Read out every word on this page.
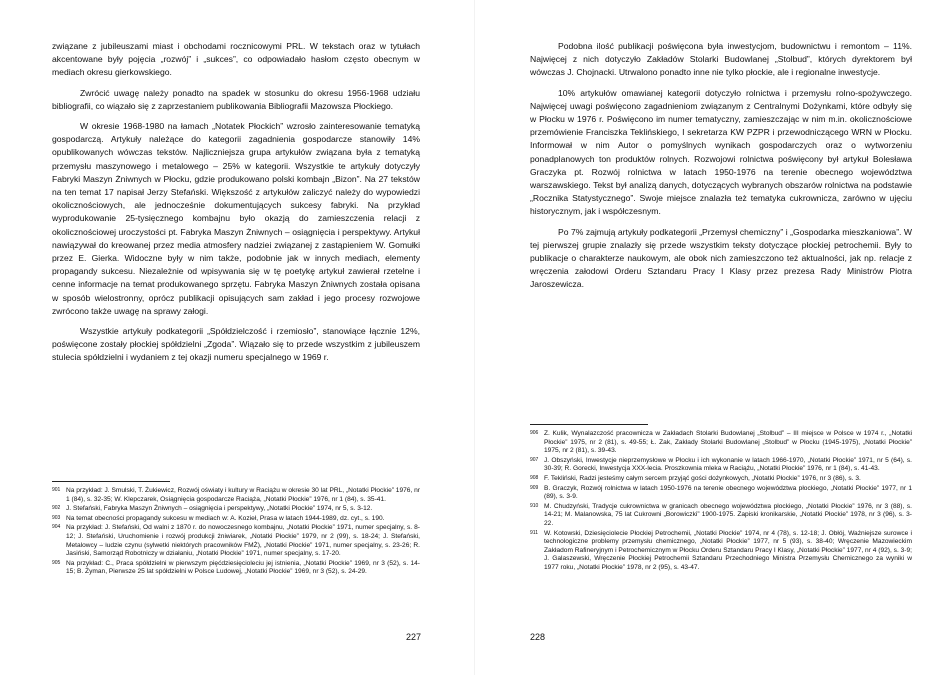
związane z jubileuszami miast i obchodami rocznicowymi PRL. W tekstach oraz w tytułach akcentowane były pojęcia „rozwój” i „sukces”, co odpowiadało hasłom często obecnym w mediach okresu gierkowskiego.

Zwrócić uwagę należy ponadto na spadek w stosunku do okresu 1956-1968 udziału bibliografii, co wiązało się z zaprzestaniem publikowania Bibliografii Mazowsza Płockiego.

W okresie 1968-1980 na łamach „Notatek Płockich” wzrosło zainteresowanie tematyką gospodarczą. Artykuły należące do kategorii zagadnienia gospodarcze stanowiły 14% opublikowanych wówczas tekstów. Najliczniejsza grupa artykułów związana była z tematyką przemysłu maszynowego i metalowego – 25% w kategorii. Wszystkie te artykuły dotyczyły Fabryki Maszyn Żniwnych w Płocku, gdzie produkowano polski kombajn „Bizon”. Na 27 tekstów na ten temat 17 napisał Jerzy Stefański. Większość z artykułów zaliczyć należy do wypowiedzi okolicznościowych, ale jednocześnie dokumentujących sukcesy fabryki. Na przykład wyprodukowanie 25-tysięcznego kombajnu było okazją do zamieszczenia relacji z okolicznościowej uroczystości pt. Fabryka Maszyn Żniwnych – osiągnięcia i perspektywy. Artykuł nawiązywał do kreowanej przez media atmosfery nadziei związanej z zastąpieniem W. Gomułki przez E. Gierka. Widoczne były w nim także, podobnie jak w innych mediach, elementy propagandy sukcesu. Niezależnie od wpisywania się w tę poetykę artykuł zawierał rzetelne i cenne informacje na temat produkowanego sprzętu. Fabryka Maszyn Żniwnych została opisana w sposób wielostronny, oprócz publikacji opisujących sam zakład i jego procesy rozwojowe zwrócono także uwagę na sprawy załogi.

Wszystkie artykuły podkategorii „Spółdzielczość i rzemiosło”, stanowiące łącznie 12%, poświęcone zostały płockiej spółdzielni „Zgoda”. Wiązało się to przede wszystkim z jubileuszem stulecia spółdzielni i wydaniem z tej okazji numeru specjalnego w 1969 r.

901 Na przykład: J. Smulski, T. Żukiewicz, Rozwój oświaty i kultury w Raciążu w okresie 30 lat PRL, „Notatki Płockie” 1976, nr 1 (84), s. 32-35; W. Klepczarek, Osiągnięcia gospodarcze Raciąża, „Notatki Płockie” 1976, nr 1 (84), s. 35-41.
902 J. Stefański, Fabryka Maszyn Żniwnych – osiągnięcia i perspektywy, „Notatki Płockie” 1974, nr 5, s. 3-12.
903 Na temat obecności propagandy sukcesu w mediach w: A. Kozieł, Prasa w latach 1944-1989, dz. cyt., s. 190.
904 Na przykład: J. Stefański, Od walni z 1870 r. do nowoczesnego kombajnu, „Notatki Płockie” 1971, numer specjalny, s. 8-12; J. Stefański, Uruchomienie i rozwój produkcji żniwiarek, „Notatki Płockie” 1979, nr 2 (99), s. 18-24; J. Stefański, Metalowcy – ludzie czynu (sylwetki niektórych pracowników FMŻ), „Notatki Płockie” 1971, numer specjalny, s. 23-26; R. Jasiński, Samorząd Robotniczy w działaniu, „Notatki Płockie” 1971, numer specjalny, s. 17-20.
905 Na przykład: C., Praca spółdzielni w pierwszym pięćdziesięcioleciu jej istnienia, „Notatki Płockie” 1969, nr 3 (52), s. 14-15; B. Żyman, Pierwsze 25 lat spółdzielni w Polsce Ludowej, „Notatki Płockie” 1969, nr 3 (52), s. 24-29.
227

Podobna ilość publikacji poświęcona była inwestycjom, budownictwu i remontom – 11%. Najwięcej z nich dotyczyło Zakładów Stolarki Budowlanej „Stolbud”, których dyrektorem był wówczas J. Chojnacki. Utrwalono ponadto inne nie tylko płockie, ale i regionalne inwestycje.

10% artykułów omawianej kategorii dotyczyło rolnictwa i przemysłu rolno-spożywczego. Najwięcej uwagi poświęcono zagadnieniom związanym z Centralnymi Dożynkami, które odbyły się w Płocku w 1976 r. Poświęcono im numer tematyczny, zamieszczając w nim m.in. okolicznościowe przemówienie Franciszka Teklińskiego, I sekretarza KW PZPR i przewodniczącego WRN w Płocku. Informował w nim Autor o pomyślnych wynikach gospodarczych oraz o wytworzeniu ponadplanowych ton produktów rolnych. Rozwojowi rolnictwa poświęcony był artykuł Bolesława Graczyka pt. Rozwój rolnictwa w latach 1950-1976 na terenie obecnego województwa warszawskiego. Tekst był analizą danych, dotyczących wybranych obszarów rolnictwa na podstawie „Rocznika Statystycznego”. Swoje miejsce znalazła też tematyka cukrownicza, zarówno w ujęciu historycznym, jak i współczesnym.

Po 7% zajmują artykuły podkategorii „Przemysł chemiczny” i „Gospodarka mieszkaniowa”. W tej pierwszej grupie znalazły się przede wszystkim teksty dotyczące płockiej petrochemii. Były to publikacje o charakterze naukowym, ale obok nich zamieszczono też aktualności, jak np. relacje z wręczenia załodowi Orderu Sztandaru Pracy I Klasy przez prezesa Rady Ministrów Piotra Jaroszewicza.

906 Z. Kulik, Wynalazczość pracownicza w Zakładach Stolarki Budowlanej „Stolbud” – III miejsce w Polsce w 1974 r., „Notatki Płockie” 1975, nr 2 (81), s. 49-55; Ł. Zak, Zakłady Stolarki Budowlanej „Stolbud” w Płocku (1945-1975), „Notatki Płockie” 1975, nr 2 (81), s. 39-43.
907 J. Obszyński, Inwestycje nieprzemysłowe w Płocku i ich wykonanie w latach 1966-1970, „Notatki Płockie” 1971, nr 5 (64), s. 30-39; R. Gorecki, Inwestycja XXX-lecia. Proszkownia mleka w Raciążu, „Notatki Płockie” 1976, nr 1 (84), s. 41-43.
908 F. Tekliński, Radzi jesteśmy całym sercem przyjąć gości dożynkowych, „Notatki Płockie” 1976, nr 3 (86), s. 3.
909 B. Graczyk, Rozwój rolnictwa w latach 1950-1976 na terenie obecnego województwa płockiego, „Notatki Płockie” 1977, nr 1 (89), s. 3-9.
910 M. Chudzyński, Tradycje cukrownictwa w granicach obecnego województwa płockiego, „Notatki Płockie” 1976, nr 3 (88), s. 14-21; M. Malanowska, 75 lat Cukrowni „Borowiczki” 1900-1975. Zapiski kronikarskie, „Notatki Płockie” 1978, nr 3 (96), s. 3-22.
911 W. Kotowski, Dziesięciolecie Płockiej Petrochemii, „Notatki Płockie” 1974, nr 4 (78), s. 12-18; J. Obłój, Ważniejsze surowce i technologiczne problemy przemysłu chemicznego, „Notatki Płockie” 1977, nr 5 (93), s. 38-40; Wręczenie Mazowieckim Zakładom Rafineryjnym i Petrochemicznym w Płocku Orderu Sztandaru Pracy I Klasy, „Notatki Płockie” 1977, nr 4 (92), s. 3-9; J. Galaszewski, Wręczenie Płockiej Petrochemii Sztandaru Przechodniego Ministra Przemysłu Chemicznego za wyniki w 1977 roku, „Notatki Płockie” 1978, nr 2 (95), s. 43-47.
228
